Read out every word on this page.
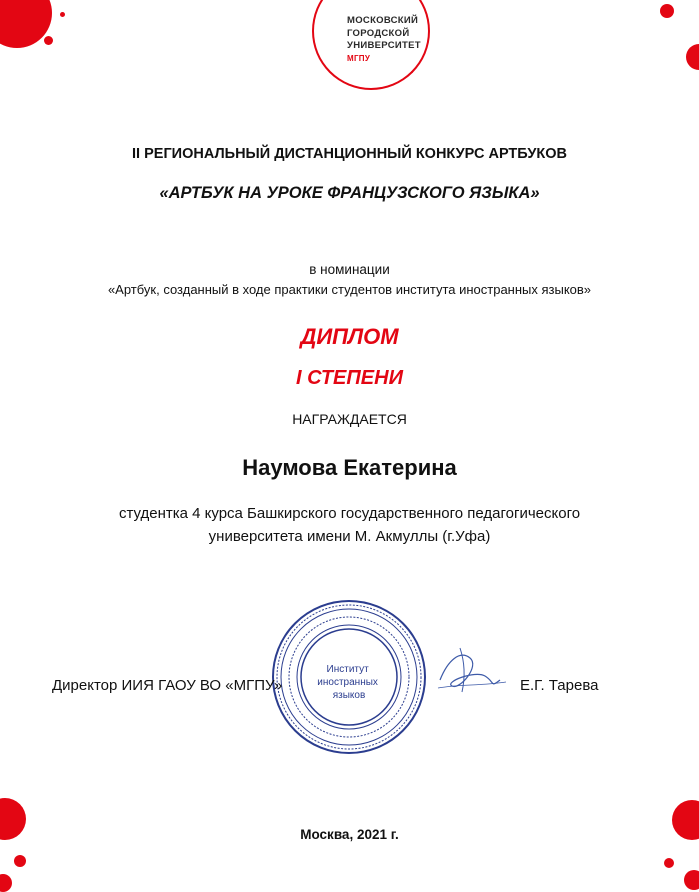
МОСКОВСКИЙ
ГОРОДСКОЙ
УНИВЕРСИТЕТ
МГПУ
II РЕГИОНАЛЬНЫЙ ДИСТАНЦИОННЫЙ КОНКУРС АРТБУКОВ
«АРТБУК НА УРОКЕ ФРАНЦУЗСКОГО ЯЗЫКА»
в номинации
«Артбук, созданный в ходе практики студентов института иностранных языков»
ДИПЛОМ
I СТЕПЕНИ
НАГРАЖДАЕТСЯ
Наумова Екатерина
студентка 4 курса Башкирского государственного педагогического
университета имени М. Акмуллы (г.Уфа)
Институт иностранных языков
Директор ИИЯ ГАОУ ВО «МГПУ»	Е.Г. Тарева
Москва, 2021 г.
